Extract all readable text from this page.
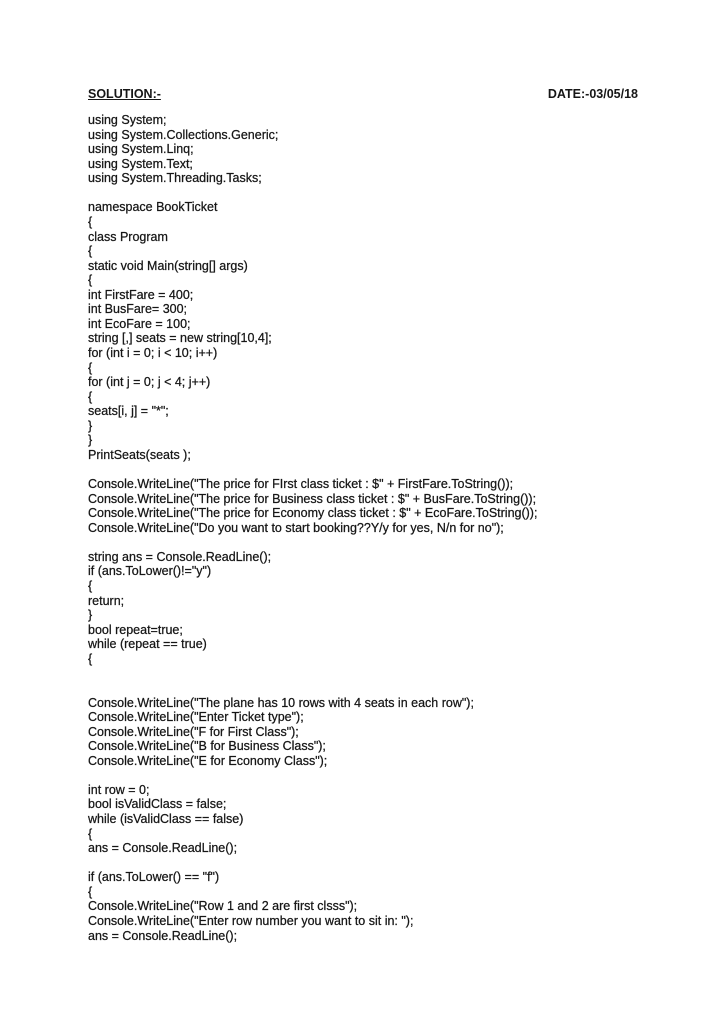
SOLUTION:-	DATE:-03/05/18
using System;
using System.Collections.Generic;
using System.Linq;
using System.Text;
using System.Threading.Tasks;
namespace BookTicket
{
class Program
{
static void Main(string[] args)
{
int FirstFare = 400;
int BusFare= 300;
int EcoFare = 100;
string [,] seats = new string[10,4];
for (int i = 0; i < 10; i++)
{
for (int j = 0; j < 4; j++)
{
seats[i, j] = "*";
}
}
PrintSeats(seats );
Console.WriteLine("The price for FIrst class ticket : $" + FirstFare.ToString());
Console.WriteLine("The price for Business class ticket : $" + BusFare.ToString());
Console.WriteLine("The price for Economy class ticket : $" + EcoFare.ToString());
Console.WriteLine("Do you want to start booking??Y/y for yes, N/n for no");
string ans = Console.ReadLine();
if (ans.ToLower()!="y")
{
return;
}
bool repeat=true;
while (repeat == true)
{
Console.WriteLine("The plane has 10 rows with 4 seats in each row");
Console.WriteLine("Enter Ticket type");
Console.WriteLine("F for First Class");
Console.WriteLine("B for Business Class");
Console.WriteLine("E for Economy Class");
int row = 0;
bool isValidClass = false;
while (isValidClass == false)
{
ans = Console.ReadLine();
if (ans.ToLower() == "f")
{
Console.WriteLine("Row 1 and 2 are first clsss");
Console.WriteLine("Enter row number you want to sit in: ");
ans = Console.ReadLine();
